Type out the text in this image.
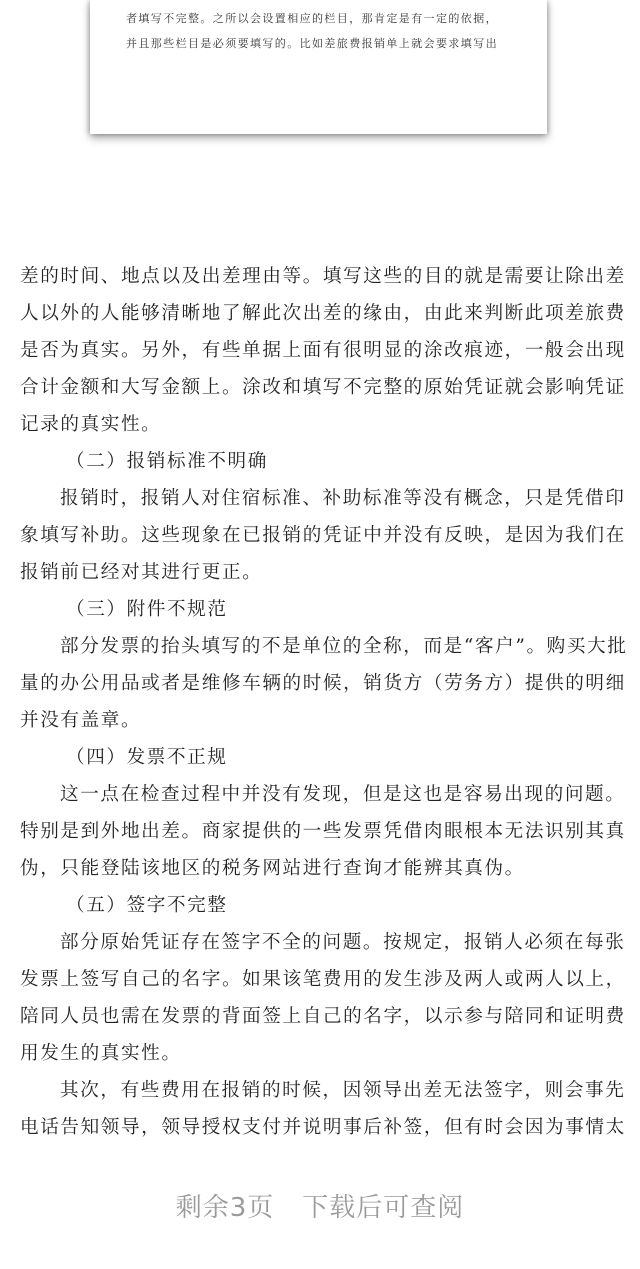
者填写不完整。之所以会设置相应的栏目，那肯定是有一定的依据，
并且那些栏目是必须要填写的。比如差旅费报销单上就会要求填写出
差的时间、地点以及出差理由等。填写这些的目的就是需要让除出差
人以外的人能够清晰地了解此次出差的缘由，由此来判断此项差旅费
是否为真实。另外，有些单据上面有很明显的涂改痕迹，一般会出现
合计金额和大写金额上。涂改和填写不完整的原始凭证就会影响凭证
记录的真实性。
（二）报销标准不明确
报销时，报销人对住宿标准、补助标准等没有概念，只是凭借印
象填写补助。这些现象在已报销的凭证中并没有反映，是因为我们在
报销前已经对其进行更正。
（三）附件不规范
部分发票的抬头填写的不是单位的全称，而是“客户”。购买大批
量的办公用品或者是维修车辆的时候，销货方（劳务方）提供的明细
并没有盖章。
（四）发票不正规
这一点在检查过程中并没有发现，但是这也是容易出现的问题。
特别是到外地出差。商家提供的一些发票凭借肉眼根本无法识别其真
伪，只能登陆该地区的税务网站进行查询才能辨其真伪。
（五）签字不完整
部分原始凭证存在签字不全的问题。按规定，报销人必须在每张
发票上签写自己的名字。如果该笔费用的发生涉及两人或两人以上，
陪同人员也需在发票的背面签上自己的名字，以示参与陪同和证明费
用发生的真实性。
其次，有些费用在报销的时候，因领导出差无法签字，则会事先
电话告知领导，领导授权支付并说明事后补签，但有时会因为事情太
剩余3页 下载后可查阅
